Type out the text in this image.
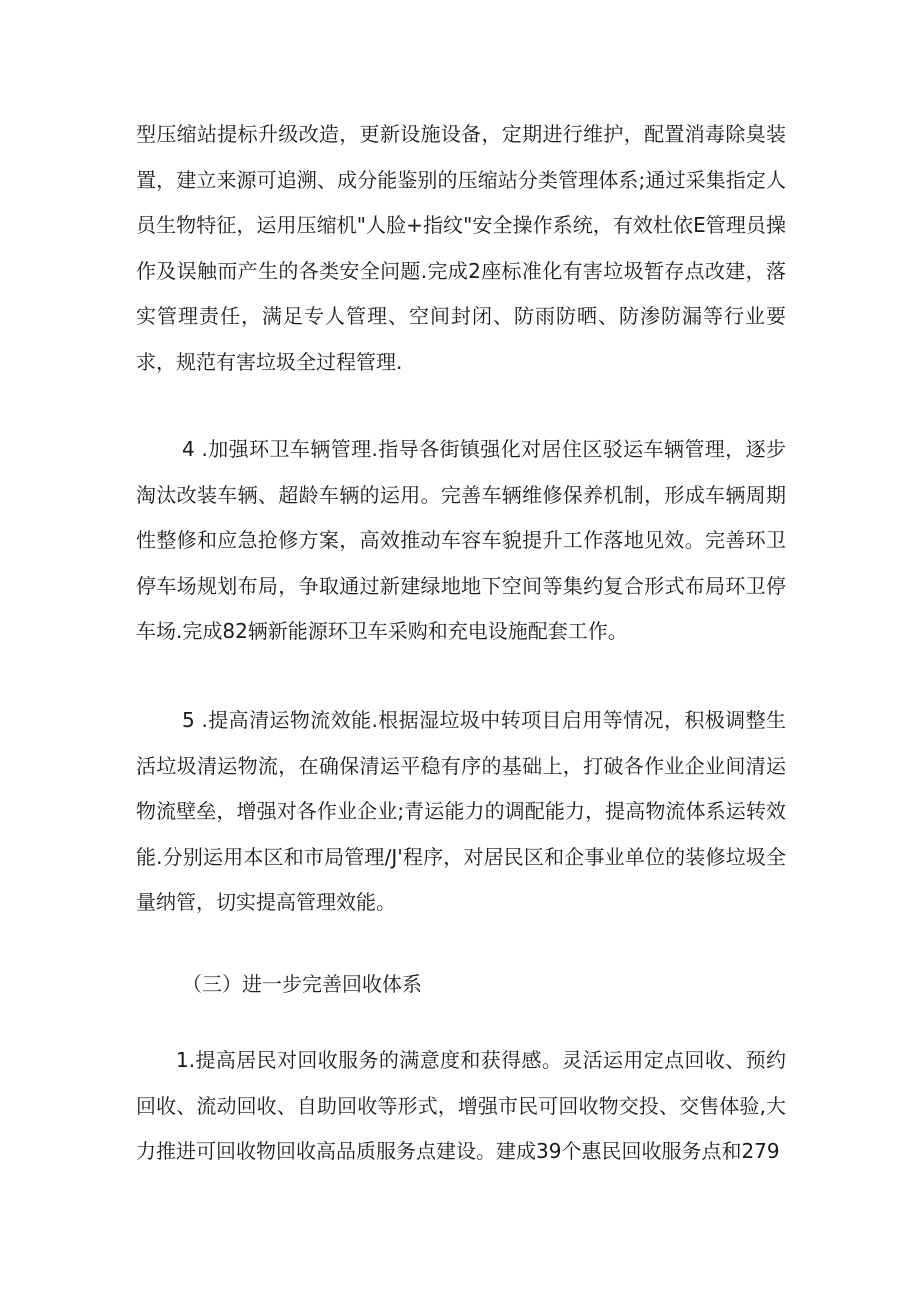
型压缩站提标升级改造，更新设施设备，定期进行维护，配置消毒除臭装置，建立来源可追溯、成分能鉴别的压缩站分类管理体系;通过采集指定人员生物特征，运用压缩机"人脸+指纹"安全操作系统，有效杜依E管理员操作及误触而产生的各类安全问题.完成2座标准化有害垃圾暂存点改建，落实管理责任，满足专人管理、空间封闭、防雨防晒、防渗防漏等行业要求，规范有害垃圾全过程管理.

4 .加强环卫车辆管理.指导各街镇强化对居住区驳运车辆管理，逐步淘汰改装车辆、超龄车辆的运用。完善车辆维修保养机制，形成车辆周期性整修和应急抢修方案，高效推动车容车貌提升工作落地见效。完善环卫停车场规划布局，争取通过新建绿地地下空间等集约复合形式布局环卫停车场.完成82辆新能源环卫车采购和充电设施配套工作。

5 .提高清运物流效能.根据湿垃圾中转项目启用等情况，积极调整生活垃圾清运物流，在确保清运平稳有序的基础上，打破各作业企业间清运物流壁垒，增强对各作业企业;青运能力的调配能力，提高物流体系运转效能.分别运用本区和市局管理/J'程序，对居民区和企事业单位的装修垃圾全量纳管，切实提高管理效能。

（三）进一步完善回收体系

1.提高居民对回收服务的满意度和获得感。灵活运用定点回收、预约回收、流动回收、自助回收等形式，增强市民可回收物交投、交售体验,大力推进可回收物回收高品质服务点建设。建成39个惠民回收服务点和279
